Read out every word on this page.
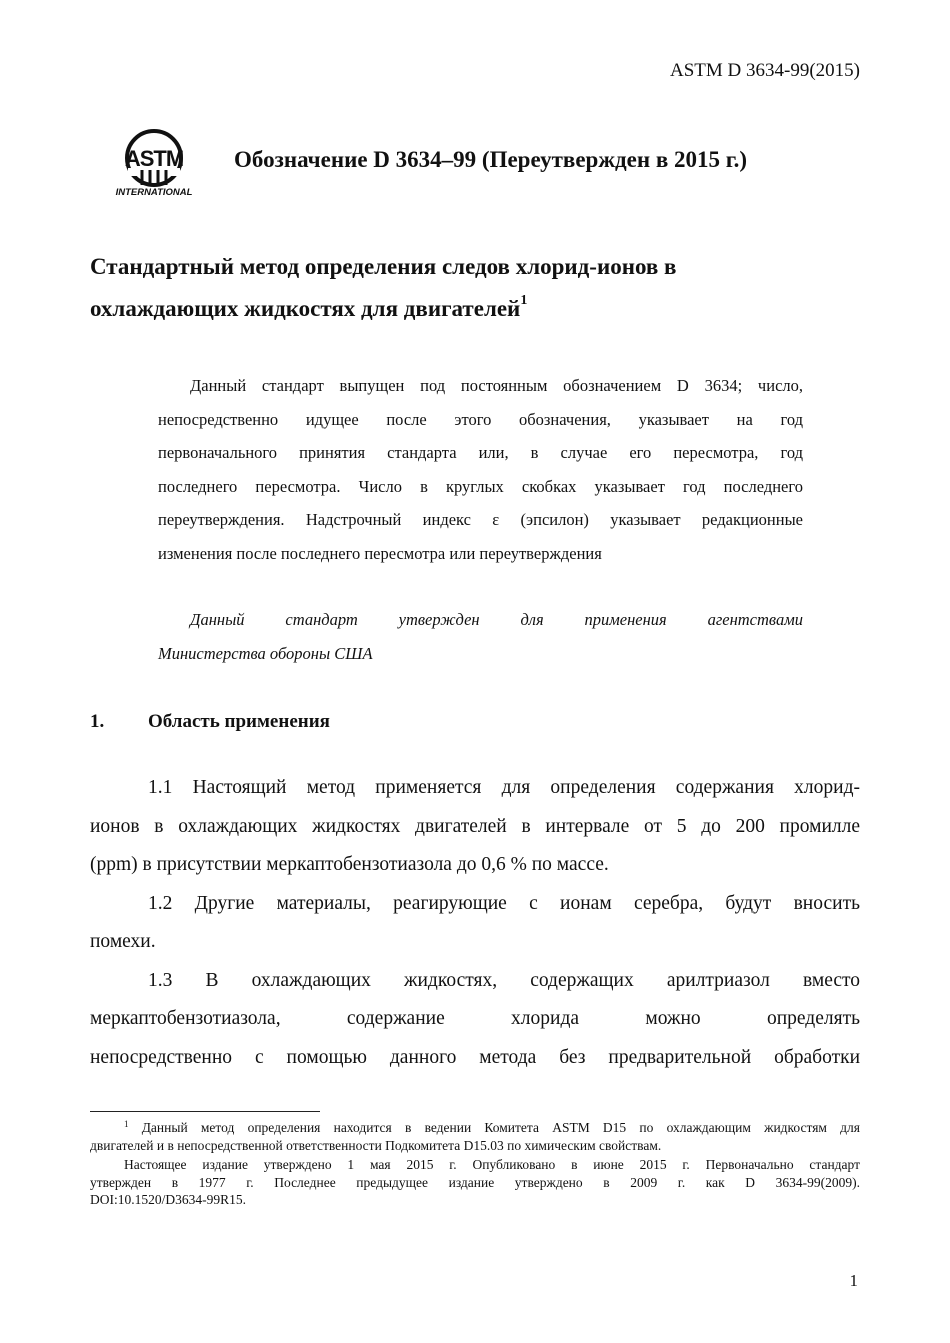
ASTM D 3634-99(2015)
ASTM
INTERNATIONAL
Обозначение D 3634–99 (Переутвержден в 2015 г.)
Стандартный метод определения следов хлорид-ионов в
охлаждающих жидкостях для двигателей$^1$
Данный стандарт выпущен под постоянным обозначением D 3634; число,
непосредственно идущее после этого обозначения, указывает на год
первоначального принятия стандарта или, в случае его пересмотра, год
последнего пересмотра. Число в круглых скобках указывает год последнего
переутверждения. Надстрочный индекс ε (эпсилон) указывает редакционные
изменения после последнего пересмотра или переутверждения
Данный стандарт утвержден для применения агентствами
Министерства обороны США
1. Область применения
1.1 Настоящий метод применяется для определения содержания хлорид-
ионов в охлаждающих жидкостях двигателей в интервале от 5 до 200 промилле
(ppm) в присутствии меркаптобензотиазола до 0,6 % по массе.
1.2 Другие материалы, реагирующие с ионам серебра, будут вносить
помехи.
1.3 В охлаждающих жидкостях, содержащих арилтриазол вместо
меркаптобензотиазола, содержание хлорида можно определять
непосредственно с помощью данного метода без предварительной обработки
$^1$ Данный метод определения находится в ведении Комитета ASTM D15 по охлаждающим жидкостям для
двигателей и в непосредственной ответственности Подкомитета D15.03 по химическим свойствам.
Настоящее издание утверждено 1 мая 2015 г. Опубликовано в июне 2015 г. Первоначально стандарт
утвержден в 1977 г. Последнее предыдущее издание утверждено в 2009 г. как D 3634-99(2009).
DOI:10.1520/D3634-99R15.
1
